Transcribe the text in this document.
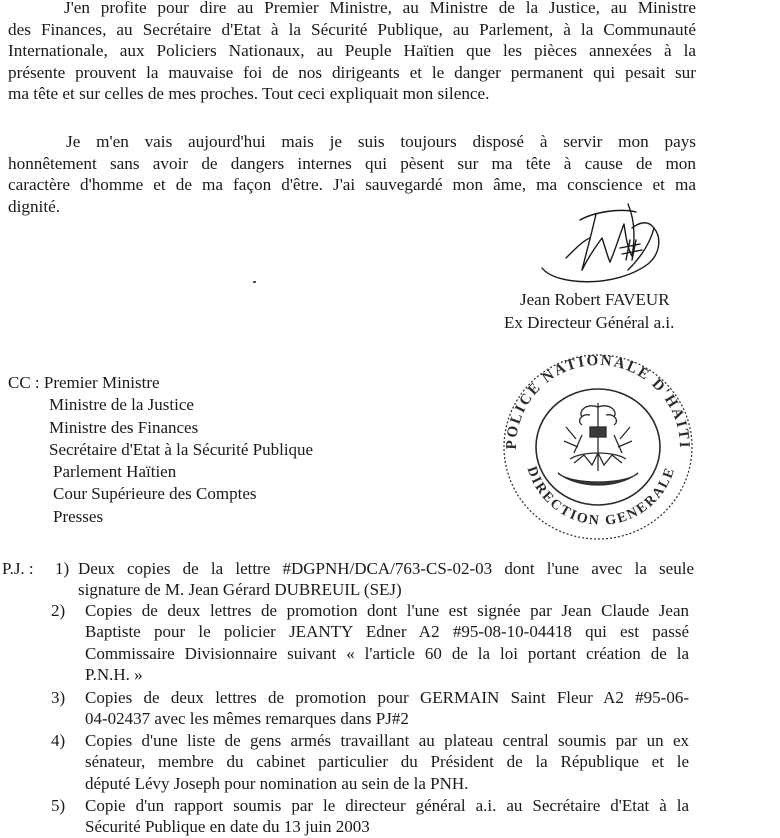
J'en profite pour dire au Premier Ministre, au Ministre de la Justice, au Ministre
des Finances, au Secrétaire d'Etat à la Sécurité Publique, au Parlement, à la Communauté
Internationale, aux Policiers Nationaux, au Peuple Haïtien que les pièces annexées à la
présente prouvent la mauvaise foi de nos dirigeants et le danger permanent qui pesait sur
ma tête et sur celles de mes proches. Tout ceci expliquait mon silence.
Je m'en vais aujourd'hui mais je suis toujours disposé à servir mon pays
honnêtement sans avoir de dangers internes qui pèsent sur ma tête à cause de mon
caractère d'homme et de ma façon d'être. J'ai sauvegardé mon âme, ma conscience et ma
dignité.
Jean Robert FAVEUR
Ex Directeur Général a.i.
CC : Premier Ministre
Ministre de la Justice
Ministre des Finances
Secrétaire d'Etat à la Sécurité Publique
Parlement Haïtien
Cour Supérieure des Comptes
Presses
POLICE NATIONALE D'HAITI
DIRECTION GENERALE
P.J. : 1) Deux copies de la lettre #DGPNH/DCA/763-CS-02-03 dont l'une avec la seule
signature de M. Jean Gérard DUBREUIL (SEJ)
2) Copies de deux lettres de promotion dont l'une est signée par Jean Claude Jean
Baptiste pour le policier JEANTY Edner A2 #95-08-10-04418 qui est passé
Commissaire Divisionnaire suivant « l'article 60 de la loi portant création de la
P.N.H. »
3) Copies de deux lettres de promotion pour GERMAIN Saint Fleur A2 #95-06-
04-02437 avec les mêmes remarques dans PJ#2
4) Copies d'une liste de gens armés travaillant au plateau central soumis par un ex
sénateur, membre du cabinet particulier du Président de la République et le
député Lévy Joseph pour nomination au sein de la PNH.
5) Copie d'un rapport soumis par le directeur général a.i. au Secrétaire d'Etat à la
Sécurité Publique en date du 13 juin 2003
